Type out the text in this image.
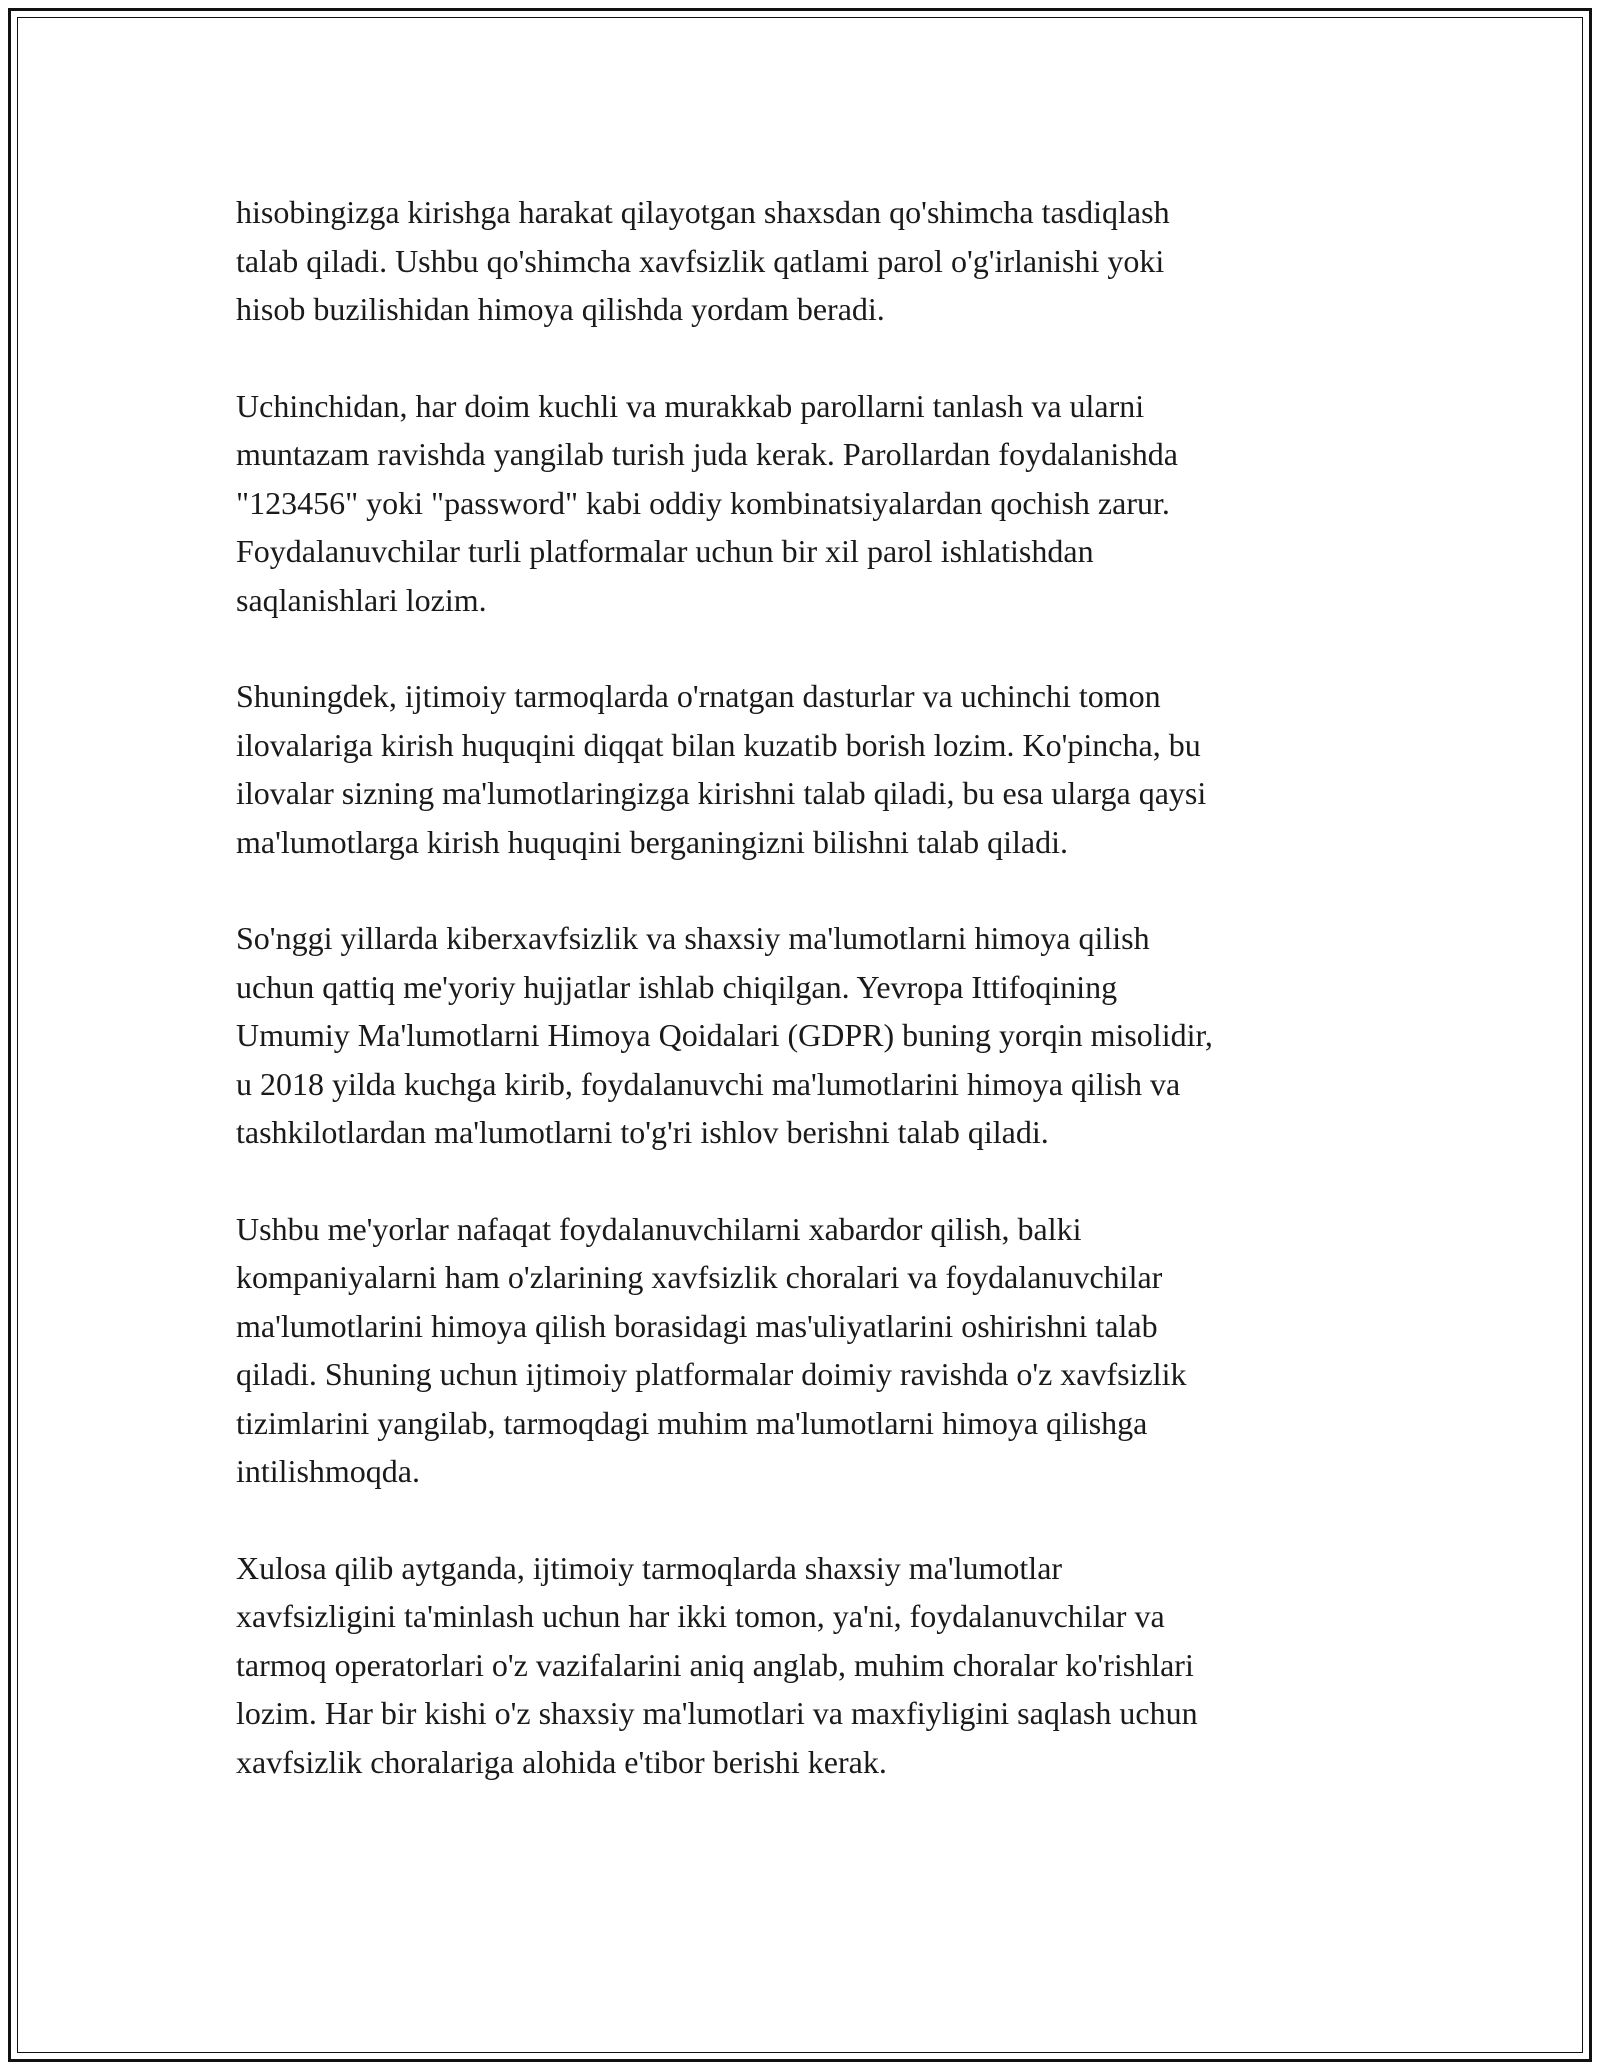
hisobingizga kirishga harakat qilayotgan shaxsdan qo'shimcha tasdiqlash
talab qiladi. Ushbu qo'shimcha xavfsizlik qatlami parol o'g'irlanishi yoki
hisob buzilishidan himoya qilishda yordam beradi.

Uchinchidan, har doim kuchli va murakkab parollarni tanlash va ularni
muntazam ravishda yangilab turish juda kerak. Parollardan foydalanishda
"123456" yoki "password" kabi oddiy kombinatsiyalardan qochish zarur.
Foydalanuvchilar turli platformalar uchun bir xil parol ishlatishdan
saqlanishlari lozim.

Shuningdek, ijtimoiy tarmoqlarda o'rnatgan dasturlar va uchinchi tomon
ilovalariga kirish huquqini diqqat bilan kuzatib borish lozim. Ko'pincha, bu
ilovalar sizning ma'lumotlaringizga kirishni talab qiladi, bu esa ularga qaysi
ma'lumotlarga kirish huquqini berganingizni bilishni talab qiladi.

So'nggi yillarda kiberxavfsizlik va shaxsiy ma'lumotlarni himoya qilish
uchun qattiq me'yoriy hujjatlar ishlab chiqilgan. Yevropa Ittifoqining
Umumiy Ma'lumotlarni Himoya Qoidalari (GDPR) buning yorqin misolidir,
u 2018 yilda kuchga kirib, foydalanuvchi ma'lumotlarini himoya qilish va
tashkilotlardan ma'lumotlarni to'g'ri ishlov berishni talab qiladi.

Ushbu me'yorlar nafaqat foydalanuvchilarni xabardor qilish, balki
kompaniyalarni ham o'zlarining xavfsizlik choralari va foydalanuvchilar
ma'lumotlarini himoya qilish borasidagi mas'uliyatlarini oshirishni talab
qiladi. Shuning uchun ijtimoiy platformalar doimiy ravishda o'z xavfsizlik
tizimlarini yangilab, tarmoqdagi muhim ma'lumotlarni himoya qilishga
intilishmoqda.

Xulosa qilib aytganda, ijtimoiy tarmoqlarda shaxsiy ma'lumotlar
xavfsizligini ta'minlash uchun har ikki tomon, ya'ni, foydalanuvchilar va
tarmoq operatorlari o'z vazifalarini aniq anglab, muhim choralar ko'rishlari
lozim. Har bir kishi o'z shaxsiy ma'lumotlari va maxfiyligini saqlash uchun
xavfsizlik choralariga alohida e'tibor berishi kerak.
